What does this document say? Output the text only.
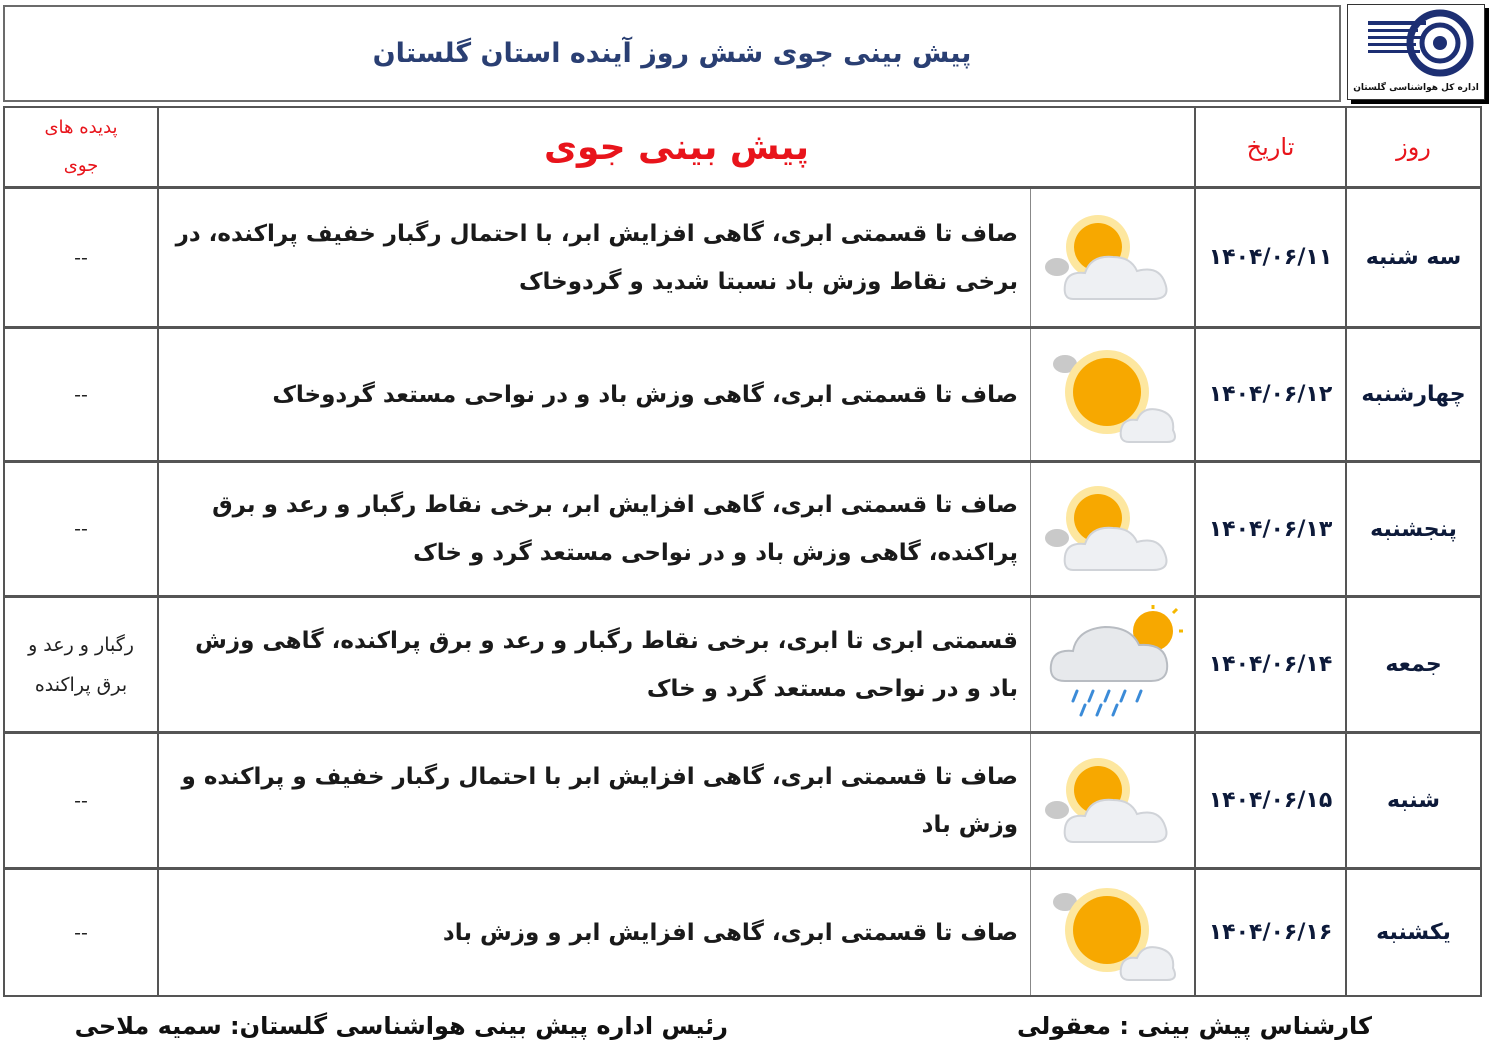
پیش بینی جوی شش روز آینده استان گلستان
اداره کل هواشناسی گلستان
روز
تاریخ
پیش بینی جوی
پدیده های
جوی
سه شنبه
۱۴۰۴/۰۶/۱۱
صاف تا قسمتی ابری، گاهی افزایش ابر، با احتمال رگبار خفیف پراکنده، در برخی نقاط وزش باد نسبتا شدید و گردوخاک
--
چهارشنبه
۱۴۰۴/۰۶/۱۲
صاف تا قسمتی ابری، گاهی وزش باد و در نواحی مستعد گردوخاک
--
پنجشنبه
۱۴۰۴/۰۶/۱۳
صاف تا قسمتی ابری، گاهی افزایش ابر، برخی نقاط رگبار و رعد و برق پراکنده، گاهی وزش باد و در نواحی مستعد گرد و خاک
--
جمعه
۱۴۰۴/۰۶/۱۴
قسمتی ابری تا ابری، برخی نقاط رگبار و رعد و برق پراکنده، گاهی وزش باد و در نواحی مستعد گرد و خاک
رگبار و رعد و برق پراکنده
شنبه
۱۴۰۴/۰۶/۱۵
صاف تا قسمتی ابری، گاهی افزایش ابر با احتمال رگبار خفیف و پراکنده و وزش باد
--
یکشنبه
۱۴۰۴/۰۶/۱۶
صاف تا قسمتی ابری، گاهی افزایش ابر و وزش باد
--
کارشناس پیش بینی : معقولی
رئیس اداره پیش بینی هواشناسی گلستان: سمیه ملاحی
